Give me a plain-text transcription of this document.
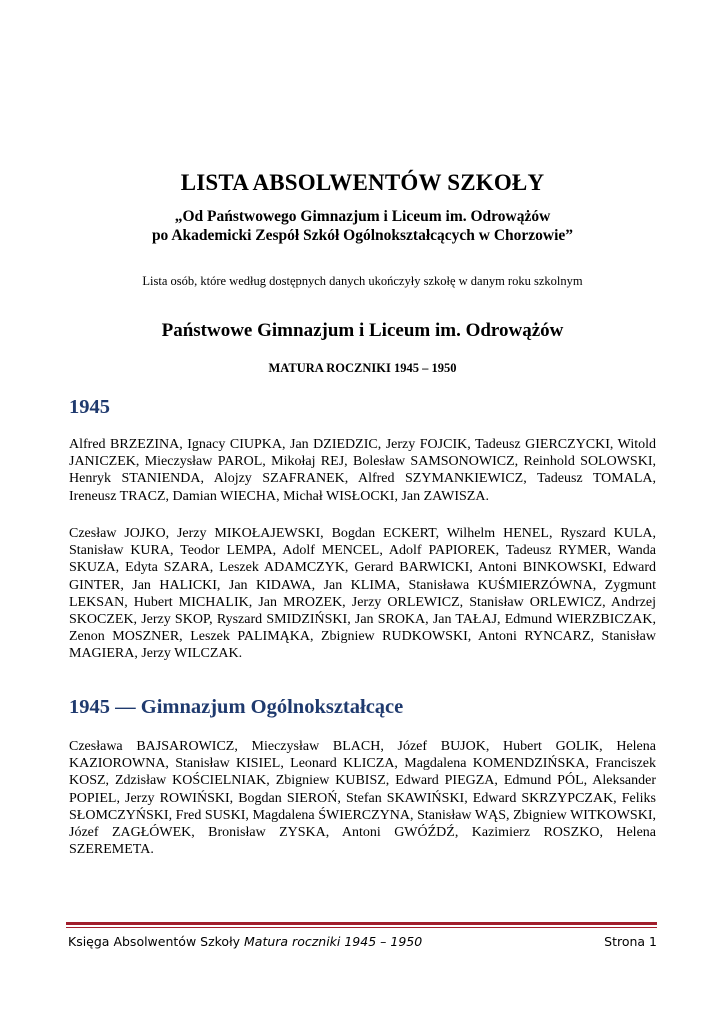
LISTA ABSOLWENTÓW SZKOŁY
„Od Państwowego Gimnazjum i Liceum im. Odrowążów
po Akademicki Zespół Szkół Ogólnokształcących w Chorzowie”
Lista osób, które według dostępnych danych ukończyły szkołę w danym roku szkolnym
Państwowe Gimnazjum i Liceum im. Odrowążów
MATURA ROCZNIKI 1945 – 1950
1945
Alfred BRZEZINA, Ignacy CIUPKA, Jan DZIEDZIC, Jerzy FOJCIK, Tadeusz GIERCZYCKI, Witold JANICZEK, Mieczysław PAROL, Mikołaj REJ, Bolesław SAMSONOWICZ, Reinhold SOLOWSKI, Henryk STANIENDA, Alojzy SZAFRANEK, Alfred SZYMANKIEWICZ, Tadeusz TOMALA, Ireneusz TRACZ, Damian WIECHA, Michał WISŁOCKI, Jan ZAWISZA.
Czesław JOJKO, Jerzy MIKOŁAJEWSKI, Bogdan ECKERT, Wilhelm HENEL, Ryszard KULA, Stanisław KURA, Teodor LEMPA, Adolf MENCEL, Adolf PAPIOREK, Tadeusz RYMER, Wanda SKUZA, Edyta SZARA, Leszek ADAMCZYK, Gerard BARWICKI, Antoni BINKOWSKI, Edward GINTER, Jan HALICKI, Jan KIDAWA, Jan KLIMA, Stanisława KUŚMIERZÓWNA, Zygmunt LEKSAN, Hubert MICHALIK, Jan MROZEK, Jerzy ORLEWICZ, Stanisław ORLEWICZ, Andrzej SKOCZEK, Jerzy SKOP, Ryszard SMIDZIŃSKI, Jan SROKA, Jan TAŁAJ, Edmund WIERZBICZAK, Zenon MOSZNER, Leszek PALIMĄKA, Zbigniew RUDKOWSKI, Antoni RYNCARZ, Stanisław MAGIERA, Jerzy WILCZAK.
1945 — Gimnazjum Ogólnokształcące
Czesława BAJSAROWICZ, Mieczysław BLACH, Józef BUJOK, Hubert GOLIK, Helena KAZIOROWNA, Stanisław KISIEL, Leonard KLICZA, Magdalena KOMENDZIŃSKA, Franciszek KOSZ, Zdzisław KOŚCIELNIAK, Zbigniew KUBISZ, Edward PIEGZA, Edmund PÓL, Aleksander POPIEL, Jerzy ROWIŃSKI, Bogdan SIEROŃ, Stefan SKAWIŃSKI, Edward SKRZYPCZAK, Feliks SŁOMCZYŃSKI, Fred SUSKI, Magdalena ŚWIERCZYNA, Stanisław WĄS, Zbigniew WITKOWSKI, Józef ZAGŁÓWEK, Bronisław ZYSKA, Antoni GWÓŹDŹ, Kazimierz ROSZKO, Helena SZEREMETA.
Księga Absolwentów Szkoły Matura roczniki 1945 – 1950	Strona 1
